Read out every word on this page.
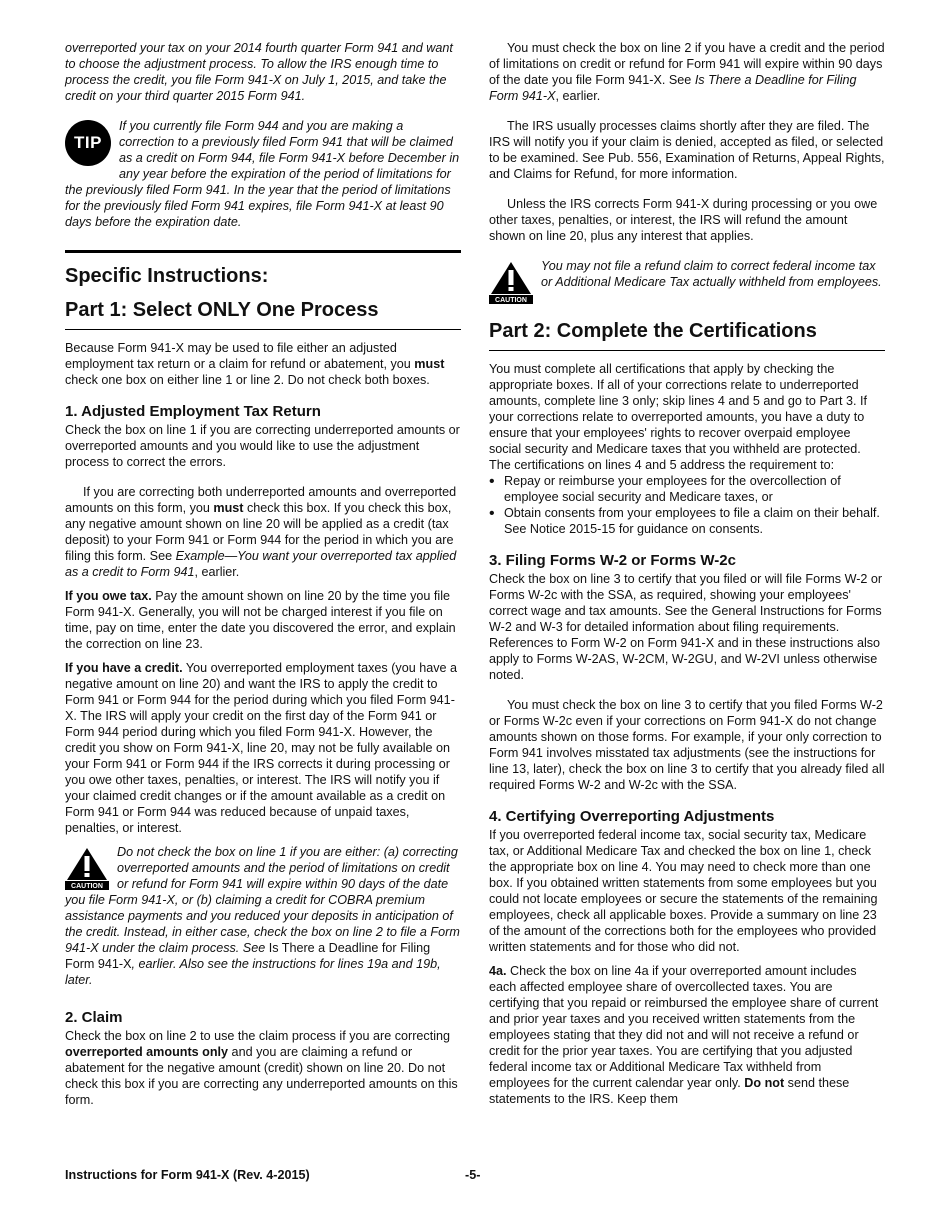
overreported your tax on your 2014 fourth quarter Form 941 and want to choose the adjustment process. To allow the IRS enough time to process the credit, you file Form 941-X on July 1, 2015, and take the credit on your third quarter 2015 Form 941.

TIP
If you currently file Form 944 and you are making a correction to a previously filed Form 941 that will be claimed as a credit on Form 944, file Form 941-X before December in any year before the expiration of the period of limitations for the previously filed Form 941. In the year that the period of limitations for the previously filed Form 941 expires, file Form 941-X at least 90 days before the expiration date.
Specific Instructions:
Part 1: Select ONLY One Process

Because Form 941-X may be used to file either an adjusted employment tax return or a claim for refund or abatement, you must check one box on either line 1 or line 2. Do not check both boxes.

1. Adjusted Employment Tax Return

Check the box on line 1 if you are correcting underreported amounts or overreported amounts and you would like to use the adjustment process to correct the errors.

If you are correcting both underreported amounts and overreported amounts on this form, you must check this box. If you check this box, any negative amount shown on line 20 will be applied as a credit (tax deposit) to your Form 941 or Form 944 for the period in which you are filing this form. See Example—You want your overreported tax applied as a credit to Form 941, earlier.

If you owe tax. Pay the amount shown on line 20 by the time you file Form 941-X. Generally, you will not be charged interest if you file on time, pay on time, enter the date you discovered the error, and explain the correction on line 23.

If you have a credit. You overreported employment taxes (you have a negative amount on line 20) and want the IRS to apply the credit to Form 941 or Form 944 for the period during which you filed Form 941-X. The IRS will apply your credit on the first day of the Form 941 or Form 944 period during which you filed Form 941-X. However, the credit you show on Form 941-X, line 20, may not be fully available on your Form 941 or Form 944 if the IRS corrects it during processing or you owe other taxes, penalties, or interest. The IRS will notify you if your claimed credit changes or if the amount available as a credit on Form 941 or Form 944 was reduced because of unpaid taxes, penalties, or interest.

CAUTION
Do not check the box on line 1 if you are either: (a) correcting overreported amounts and the period of limitations on credit or refund for Form 941 will expire within 90 days of the date you file Form 941-X, or (b) claiming a credit for COBRA premium assistance payments and you reduced your deposits in anticipation of the credit. Instead, in either case, check the box on line 2 to file a Form 941-X under the claim process. See Is There a Deadline for Filing Form 941-X, earlier. Also see the instructions for lines 19a and 19b, later.
2. Claim

Check the box on line 2 to use the claim process if you are correcting overreported amounts only and you are claiming a refund or abatement for the negative amount (credit) shown on line 20. Do not check this box if you are correcting any underreported amounts on this form.

You must check the box on line 2 if you have a credit and the period of limitations on credit or refund for Form 941 will expire within 90 days of the date you file Form 941-X. See Is There a Deadline for Filing Form 941-X, earlier.

The IRS usually processes claims shortly after they are filed. The IRS will notify you if your claim is denied, accepted as filed, or selected to be examined. See Pub. 556, Examination of Returns, Appeal Rights, and Claims for Refund, for more information.

Unless the IRS corrects Form 941-X during processing or you owe other taxes, penalties, or interest, the IRS will refund the amount shown on line 20, plus any interest that applies.

CAUTION
You may not file a refund claim to correct federal income tax or Additional Medicare Tax actually withheld from employees.
Part 2: Complete the Certifications

You must complete all certifications that apply by checking the appropriate boxes. If all of your corrections relate to underreported amounts, complete line 3 only; skip lines 4 and 5 and go to Part 3. If your corrections relate to overreported amounts, you have a duty to ensure that your employees' rights to recover overpaid employee social security and Medicare taxes that you withheld are protected. The certifications on lines 4 and 5 address the requirement to:

• Repay or reimburse your employees for the overcollection of employee social security and Medicare taxes, or

• Obtain consents from your employees to file a claim on their behalf. See Notice 2015-15 for guidance on consents.

3. Filing Forms W-2 or Forms W-2c

Check the box on line 3 to certify that you filed or will file Forms W-2 or Forms W-2c with the SSA, as required, showing your employees' correct wage and tax amounts. See the General Instructions for Forms W-2 and W-3 for detailed information about filing requirements. References to Form W-2 on Form 941-X and in these instructions also apply to Forms W-2AS, W-2CM, W-2GU, and W-2VI unless otherwise noted.

You must check the box on line 3 to certify that you filed Forms W-2 or Forms W-2c even if your corrections on Form 941-X do not change amounts shown on those forms. For example, if your only correction to Form 941 involves misstated tax adjustments (see the instructions for line 13, later), check the box on line 3 to certify that you already filed all required Forms W-2 and W-2c with the SSA.

4. Certifying Overreporting Adjustments

If you overreported federal income tax, social security tax, Medicare tax, or Additional Medicare Tax and checked the box on line 1, check the appropriate box on line 4. You may need to check more than one box. If you obtained written statements from some employees but you could not locate employees or secure the statements of the remaining employees, check all applicable boxes. Provide a summary on line 23 of the amount of the corrections both for the employees who provided written statements and for those who did not.

4a. Check the box on line 4a if your overreported amount includes each affected employee share of overcollected taxes. You are certifying that you repaid or reimbursed the employee share of current and prior year taxes and you received written statements from the employees stating that they did not and will not receive a refund or credit for the prior year taxes. You are certifying that you adjusted federal income tax or Additional Medicare Tax withheld from employees for the current calendar year only. Do not send these statements to the IRS. Keep them

Instructions for Form 941-X (Rev. 4-2015)	-5-
